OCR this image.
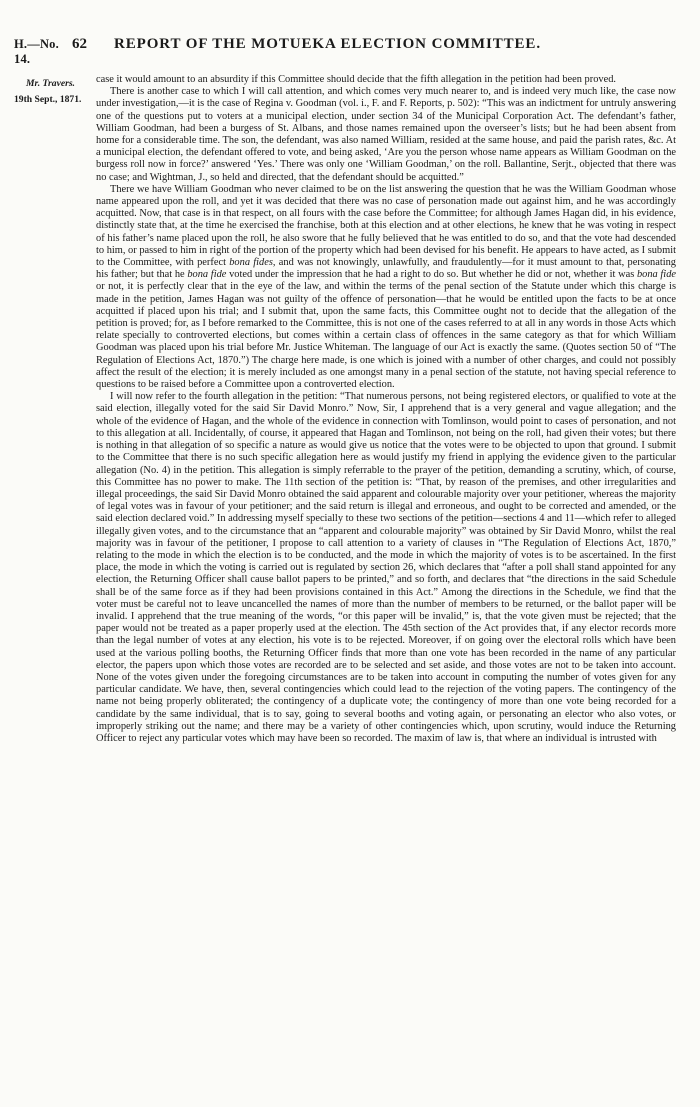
H.—No. 14.
62	REPORT OF THE MOTUEKA ELECTION COMMITTEE.
Mr. Travers.
19th Sept., 1871.

case it would amount to an absurdity if this Committee should decide that the fifth allegation in the petition had been proved.

There is another case to which I will call attention, and which comes very much nearer to, and is indeed very much like, the case now under investigation,—it is the case of Regina v. Goodman (vol. i., F. and F. Reports, p. 502): “This was an indictment for untruly answering one of the questions put to voters at a municipal election, under section 34 of the Municipal Corporation Act. The defendant’s father, William Goodman, had been a burgess of St. Albans, and those names remained upon the overseer’s lists; but he had been absent from home for a considerable time. The son, the defendant, was also named William, resided at the same house, and paid the parish rates, &c. At a municipal election, the defendant offered to vote, and being asked, ‘Are you the person whose name appears as William Goodman on the burgess roll now in force?’ answered ‘Yes.’ There was only one ‘William Goodman,’ on the roll. Ballantine, Serjt., objected that there was no case; and Wightman, J., so held and directed, that the defendant should be acquitted.”

There we have William Goodman who never claimed to be on the list answering the question that he was the William Goodman whose name appeared upon the roll, and yet it was decided that there was no case of personation made out against him, and he was accordingly acquitted. Now, that case is in that respect, on all fours with the case before the Committee; for although James Hagan did, in his evidence, distinctly state that, at the time he exercised the franchise, both at this election and at other elections, he knew that he was voting in respect of his father’s name placed upon the roll, he also swore that he fully believed that he was entitled to do so, and that the vote had descended to him, or passed to him in right of the portion of the property which had been devised for his benefit. He appears to have acted, as I submit to the Committee, with perfect bona fides, and was not knowingly, unlawfully, and fraudulently—for it must amount to that, personating his father; but that he bona fide voted under the impression that he had a right to do so. But whether he did or not, whether it was bona fide or not, it is perfectly clear that in the eye of the law, and within the terms of the penal section of the Statute under which this charge is made in the petition, James Hagan was not guilty of the offence of personation—that he would be entitled upon the facts to be at once acquitted if placed upon his trial; and I submit that, upon the same facts, this Committee ought not to decide that the allegation of the petition is proved; for, as I before remarked to the Committee, this is not one of the cases referred to at all in any words in those Acts which relate specially to controverted elections, but comes within a certain class of offences in the same category as that for which William Goodman was placed upon his trial before Mr. Justice Whiteman. The language of our Act is exactly the same. (Quotes section 50 of “The Regulation of Elections Act, 1870.”) The charge here made, is one which is joined with a number of other charges, and could not possibly affect the result of the election; it is merely included as one amongst many in a penal section of the statute, not having special reference to questions to be raised before a Committee upon a controverted election.

I will now refer to the fourth allegation in the petition: “That numerous persons, not being registered electors, or qualified to vote at the said election, illegally voted for the said Sir David Monro.” Now, Sir, I apprehend that is a very general and vague allegation; and the whole of the evidence of Hagan, and the whole of the evidence in connection with Tomlinson, would point to cases of personation, and not to this allegation at all. Incidentally, of course, it appeared that Hagan and Tomlinson, not being on the roll, had given their votes; but there is nothing in that allegation of so specific a nature as would give us notice that the votes were to be objected to upon that ground. I submit to the Committee that there is no such specific allegation here as would justify my friend in applying the evidence given to the particular allegation (No. 4) in the petition. This allegation is simply referrable to the prayer of the petition, demanding a scrutiny, which, of course, this Committee has no power to make. The 11th section of the petition is: “That, by reason of the premises, and other irregularities and illegal proceedings, the said Sir David Monro obtained the said apparent and colourable majority over your petitioner, whereas the majority of legal votes was in favour of your petitioner; and the said return is illegal and erroneous, and ought to be corrected and amended, or the said election declared void.” In addressing myself specially to these two sections of the petition—sections 4 and 11—which refer to alleged illegally given votes, and to the circumstance that an “apparent and colourable majority” was obtained by Sir David Monro, whilst the real majority was in favour of the petitioner, I propose to call attention to a variety of clauses in “The Regulation of Elections Act, 1870,” relating to the mode in which the election is to be conducted, and the mode in which the majority of votes is to be ascertained. In the first place, the mode in which the voting is carried out is regulated by section 26, which declares that “after a poll shall stand appointed for any election, the Returning Officer shall cause ballot papers to be printed,” and so forth, and declares that “the directions in the said Schedule shall be of the same force as if they had been provisions contained in this Act.” Among the directions in the Schedule, we find that the voter must be careful not to leave uncancelled the names of more than the number of members to be returned, or the ballot paper will be invalid. I apprehend that the true meaning of the words, “or this paper will be invalid,” is, that the vote given must be rejected; that the paper would not be treated as a paper properly used at the election. The 45th section of the Act provides that, if any elector records more than the legal number of votes at any election, his vote is to be rejected. Moreover, if on going over the electoral rolls which have been used at the various polling booths, the Returning Officer finds that more than one vote has been recorded in the name of any particular elector, the papers upon which those votes are recorded are to be selected and set aside, and those votes are not to be taken into account. None of the votes given under the foregoing circumstances are to be taken into account in computing the number of votes given for any particular candidate. We have, then, several contingencies which could lead to the rejection of the voting papers. The contingency of the name not being properly obliterated; the contingency of a duplicate vote; the contingency of more than one vote being recorded for a candidate by the same individual, that is to say, going to several booths and voting again, or personating an elector who also votes, or improperly striking out the name; and there may be a variety of other contingencies which, upon scrutiny, would induce the Returning Officer to reject any particular votes which may have been so recorded. The maxim of law is, that where an individual is intrusted with
